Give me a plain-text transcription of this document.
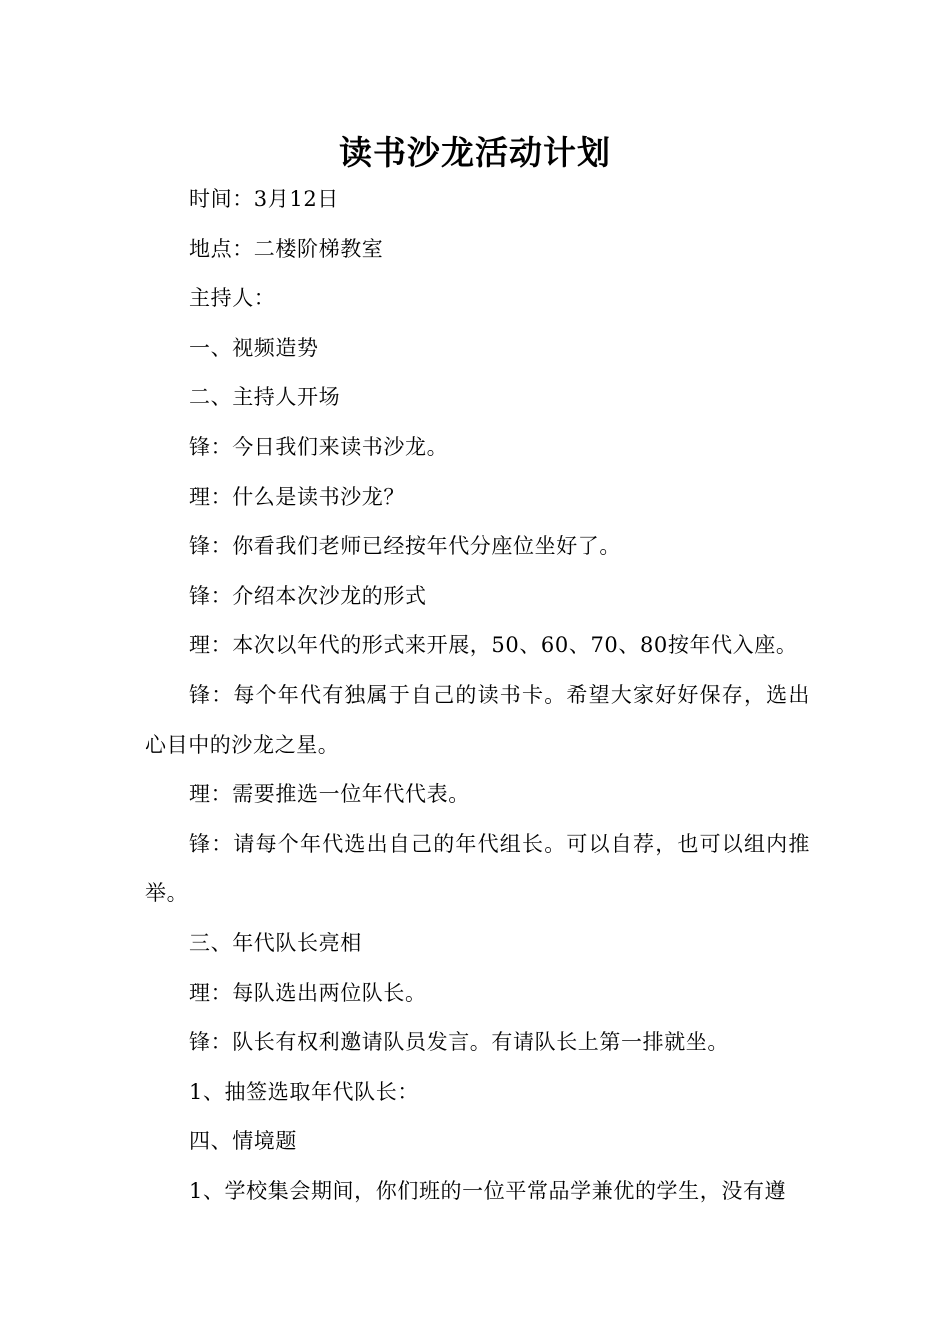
读书沙龙活动计划

时间：3月12日

地点：二楼阶梯教室

主持人：

一、视频造势

二、主持人开场

锋：今日我们来读书沙龙。

理：什么是读书沙龙？

锋：你看我们老师已经按年代分座位坐好了。

锋：介绍本次沙龙的形式

理：本次以年代的形式来开展，50、60、70、80按年代入座。

锋：每个年代有独属于自己的读书卡。希望大家好好保存，选出心目中的沙龙之星。

理：需要推选一位年代代表。

锋：请每个年代选出自己的年代组长。可以自荐，也可以组内推举。

三、年代队长亮相

理：每队选出两位队长。

锋：队长有权利邀请队员发言。有请队长上第一排就坐。

1、抽签选取年代队长：

四、情境题

1、学校集会期间，你们班的一位平常品学兼优的学生，没有遵
